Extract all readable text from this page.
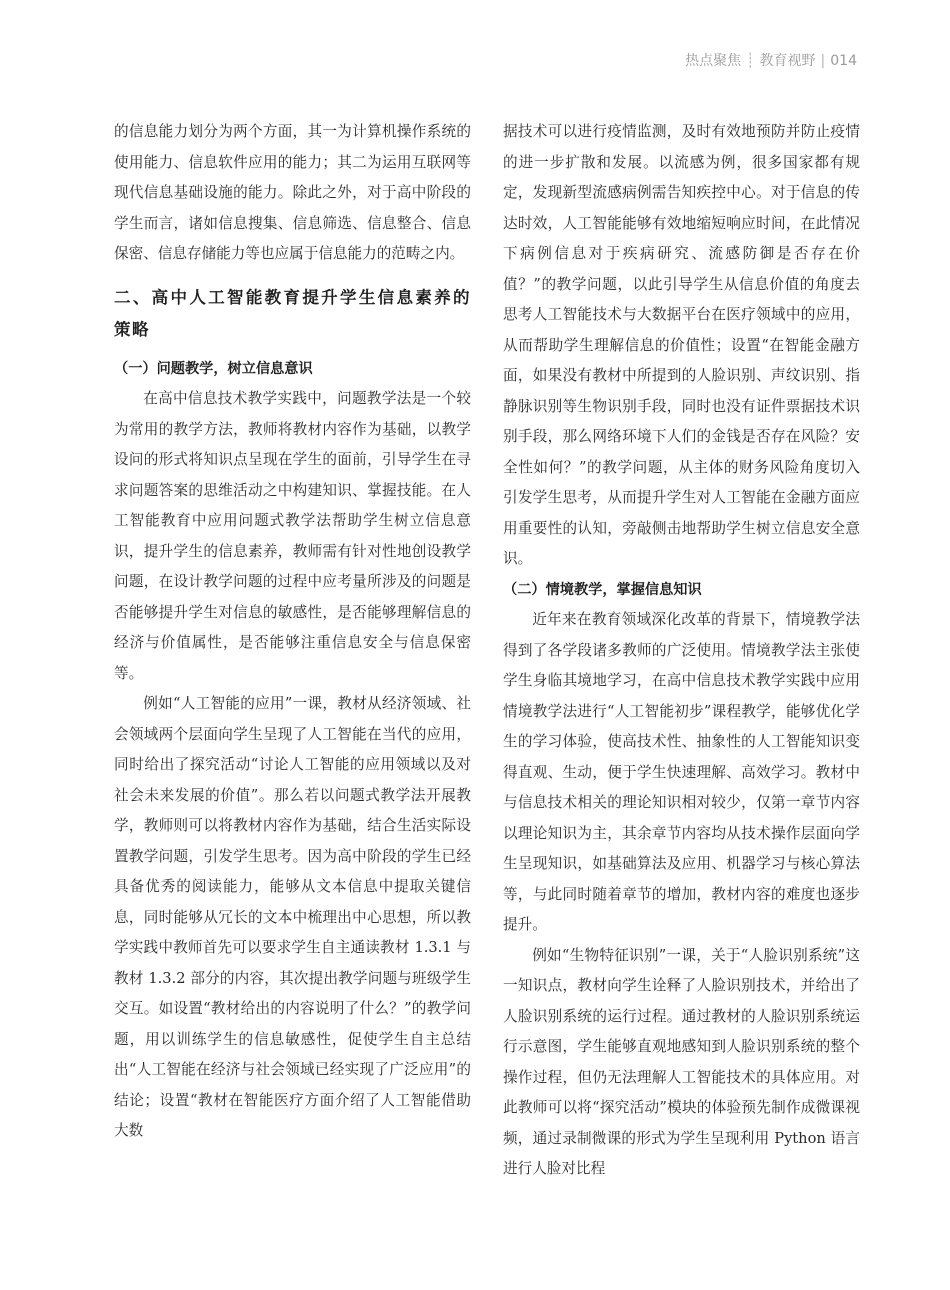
热点聚焦 ┊ 教育视野 | 014

的信息能力划分为两个方面，其一为计算机操作系统的使用能力、信息软件应用的能力；其二为运用互联网等现代信息基础设施的能力。除此之外，对于高中阶段的学生而言，诸如信息搜集、信息筛选、信息整合、信息保密、信息存储能力等也应属于信息能力的范畴之内。

二、高中人工智能教育提升学生信息素养的策略
（一）问题教学，树立信息意识

在高中信息技术教学实践中，问题教学法是一个较为常用的教学方法，教师将教材内容作为基础，以教学设问的形式将知识点呈现在学生的面前，引导学生在寻求问题答案的思维活动之中构建知识、掌握技能。在人工智能教育中应用问题式教学法帮助学生树立信息意识，提升学生的信息素养，教师需有针对性地创设教学问题，在设计教学问题的过程中应考量所涉及的问题是否能够提升学生对信息的敏感性，是否能够理解信息的经济与价值属性，是否能够注重信息安全与信息保密等。

例如“人工智能的应用”一课，教材从经济领域、社会领域两个层面向学生呈现了人工智能在当代的应用，同时给出了探究活动“讨论人工智能的应用领域以及对社会未来发展的价值”。那么若以问题式教学法开展教学，教师则可以将教材内容作为基础，结合生活实际设置教学问题，引发学生思考。因为高中阶段的学生已经具备优秀的阅读能力，能够从文本信息中提取关键信息，同时能够从冗长的文本中梳理出中心思想，所以教学实践中教师首先可以要求学生自主通读教材 1.3.1 与教材 1.3.2 部分的内容，其次提出教学问题与班级学生交互。如设置“教材给出的内容说明了什么？”的教学问题，用以训练学生的信息敏感性，促使学生自主总结出“人工智能在经济与社会领域已经实现了广泛应用”的结论；设置“教材在智能医疗方面介绍了人工智能借助大数

据技术可以进行疫情监测，及时有效地预防并防止疫情的进一步扩散和发展。以流感为例，很多国家都有规定，发现新型流感病例需告知疾控中心。对于信息的传达时效，人工智能能够有效地缩短响应时间，在此情况下病例信息对于疾病研究、流感防御是否存在价值？”的教学问题，以此引导学生从信息价值的角度去思考人工智能技术与大数据平台在医疗领域中的应用，从而帮助学生理解信息的价值性；设置“在智能金融方面，如果没有教材中所提到的人脸识别、声纹识别、指静脉识别等生物识别手段，同时也没有证件票据技术识别手段，那么网络环境下人们的金钱是否存在风险？安全性如何？”的教学问题，从主体的财务风险角度切入引发学生思考，从而提升学生对人工智能在金融方面应用重要性的认知，旁敲侧击地帮助学生树立信息安全意识。

（二）情境教学，掌握信息知识

近年来在教育领域深化改革的背景下，情境教学法得到了各学段诸多教师的广泛使用。情境教学法主张使学生身临其境地学习，在高中信息技术教学实践中应用情境教学法进行“人工智能初步”课程教学，能够优化学生的学习体验，使高技术性、抽象性的人工智能知识变得直观、生动，便于学生快速理解、高效学习。教材中与信息技术相关的理论知识相对较少，仅第一章节内容以理论知识为主，其余章节内容均从技术操作层面向学生呈现知识，如基础算法及应用、机器学习与核心算法等，与此同时随着章节的增加，教材内容的难度也逐步提升。

例如“生物特征识别”一课，关于“人脸识别系统”这一知识点，教材向学生诠释了人脸识别技术，并给出了人脸识别系统的运行过程。通过教材的人脸识别系统运行示意图，学生能够直观地感知到人脸识别系统的整个操作过程，但仍无法理解人工智能技术的具体应用。对此教师可以将“探究活动”模块的体验预先制作成微课视频，通过录制微课的形式为学生呈现利用 Python 语言进行人脸对比程
